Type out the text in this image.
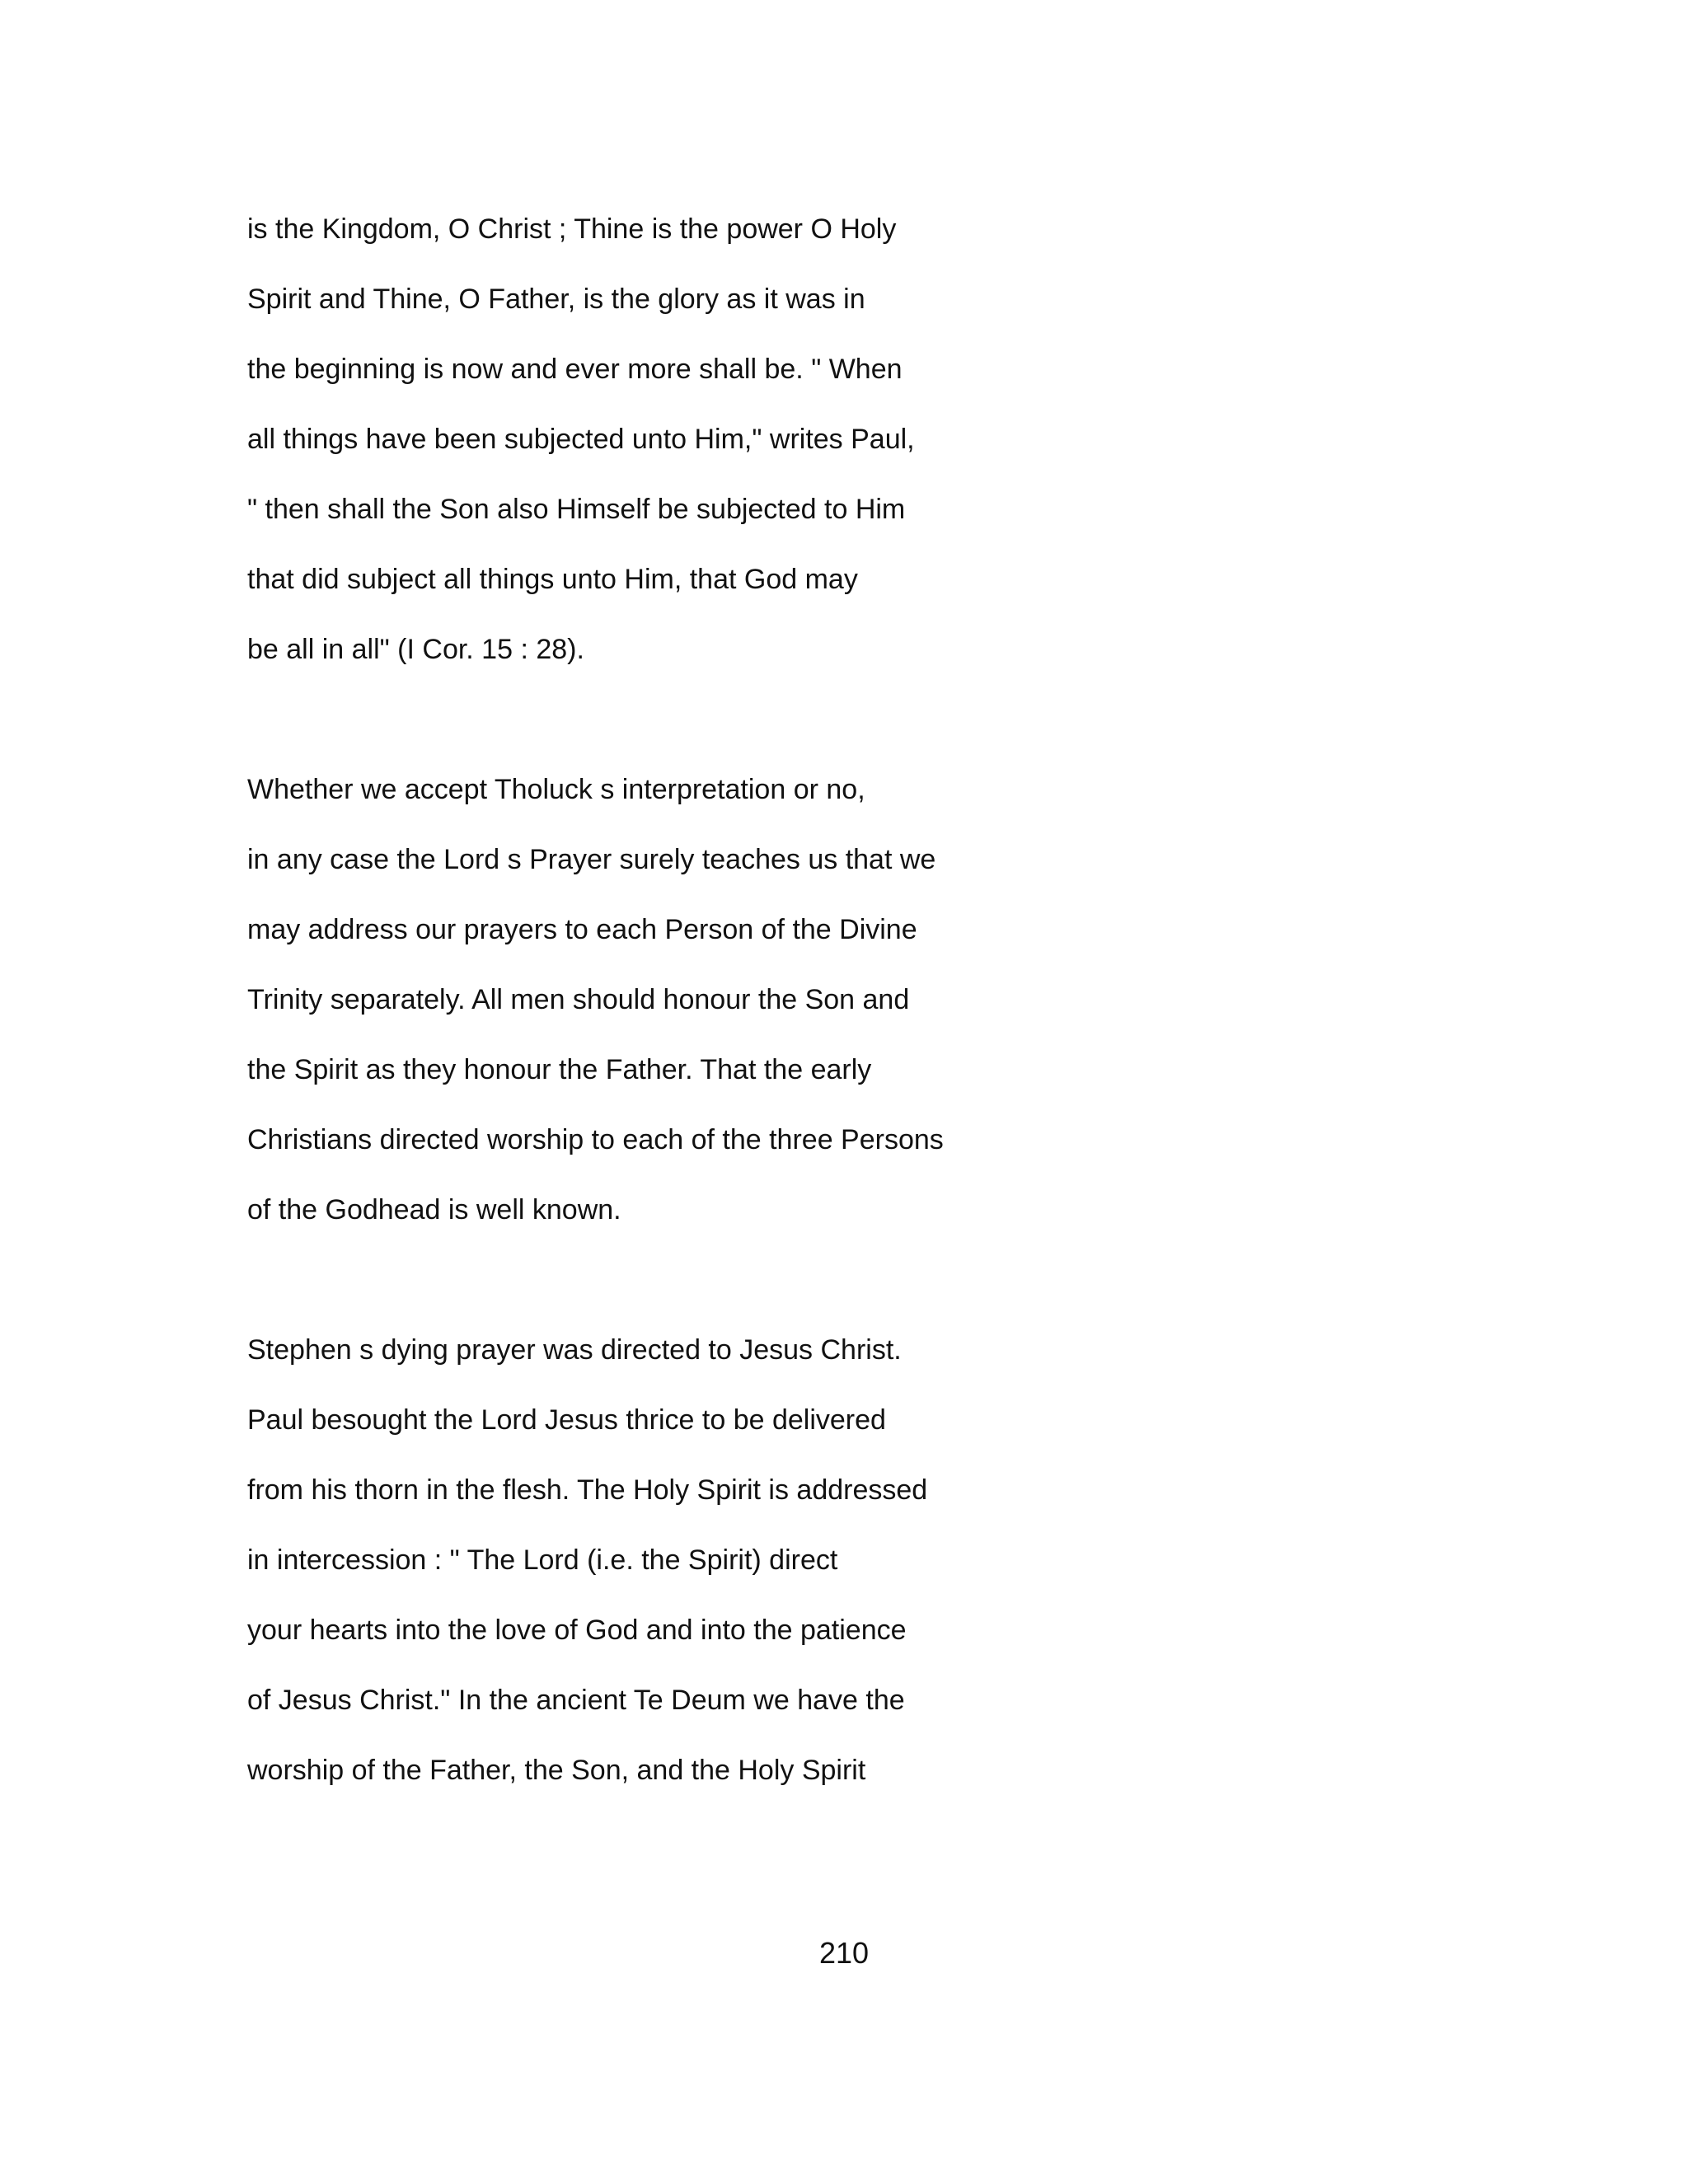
is the Kingdom, O Christ ; Thine is the power O Holy
Spirit and Thine, O Father, is the glory as it was in
the beginning is now and ever more shall be. " When
all things have been subjected unto Him," writes Paul,
" then shall the Son also Himself be subjected to Him
that did subject all things unto Him, that God may
be all in all" (I Cor. 15 : 28).
Whether we accept Tholuck s interpretation or no,
in any case the Lord s Prayer surely teaches us that we
may address our prayers to each Person of the Divine
Trinity separately. All men should honour the Son and
the Spirit as they honour the Father. That the early
Christians directed worship to each of the three Persons
of the Godhead is well known.
Stephen s dying prayer was directed to Jesus Christ.
Paul besought the Lord Jesus thrice to be delivered
from his thorn in the flesh. The Holy Spirit is addressed
in intercession : " The Lord (i.e. the Spirit) direct
your hearts into the love of God and into the patience
of Jesus Christ." In the ancient Te Deum we have the
worship of the Father, the Son, and the Holy Spirit
210
